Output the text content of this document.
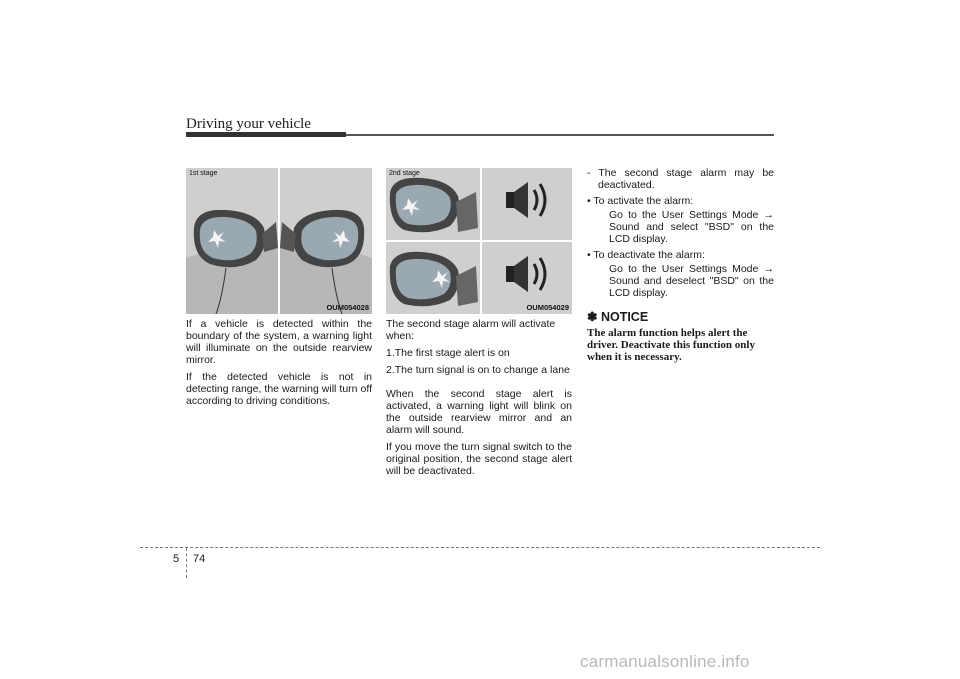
Driving your vehicle
1st stage
OUM054028
2nd stage
OUM054029

If a vehicle is detected within the boundary of the system, a warning light will illuminate on the outside rearview mirror.

If the detected vehicle is not in detecting range, the warning will turn off according to driving conditions.

The second stage alarm will activate when:

1.The first stage alert is on

2.The turn signal is on to change a lane

When the second stage alert is activated, a warning light will blink on the outside rearview mirror and an alarm will sound.

If you move the turn signal switch to the original position, the second stage alert will be deactivated.

- The second stage alarm may be deactivated.

• To activate the alarm:

Go to the User Settings Mode → Sound and select "BSD" on the LCD display.

• To deactivate the alarm:

Go to the User Settings Mode → Sound and deselect "BSD" on the LCD display.

✽ NOTICE
The alarm function helps alert the driver. Deactivate this function only when it is necessary.
5 74
carmanualsonline.info
